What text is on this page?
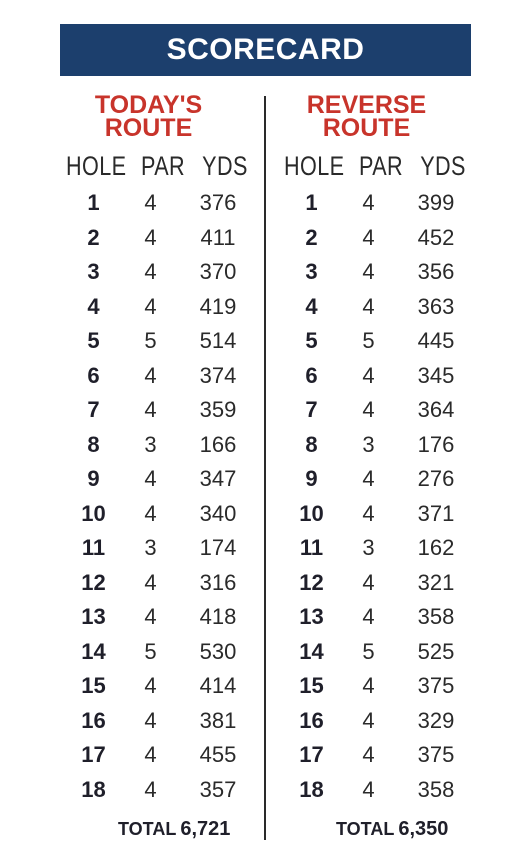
SCORECARD
TODAY'S
ROUTE
HOLE PAR YDS
1	4	376
2	4	411
3	4	370
4	4	419
5	5	514
6	4	374
7	4	359
8	3	166
9	4	347
10	4	340
11	3	174
12	4	316
13	4	418
14	5	530
15	4	414
16	4	381
17	4	455
18	4	357
REVERSE
ROUTE
HOLE PAR YDS
1	4	399
2	4	452
3	4	356
4	4	363
5	5	445
6	4	345
7	4	364
8	3	176
9	4	276
10	4	371
11	3	162
12	4	321
13	4	358
14	5	525
15	4	375
16	4	329
17	4	375
18	4	358
TOTAL 6,721	TOTAL 6,350
